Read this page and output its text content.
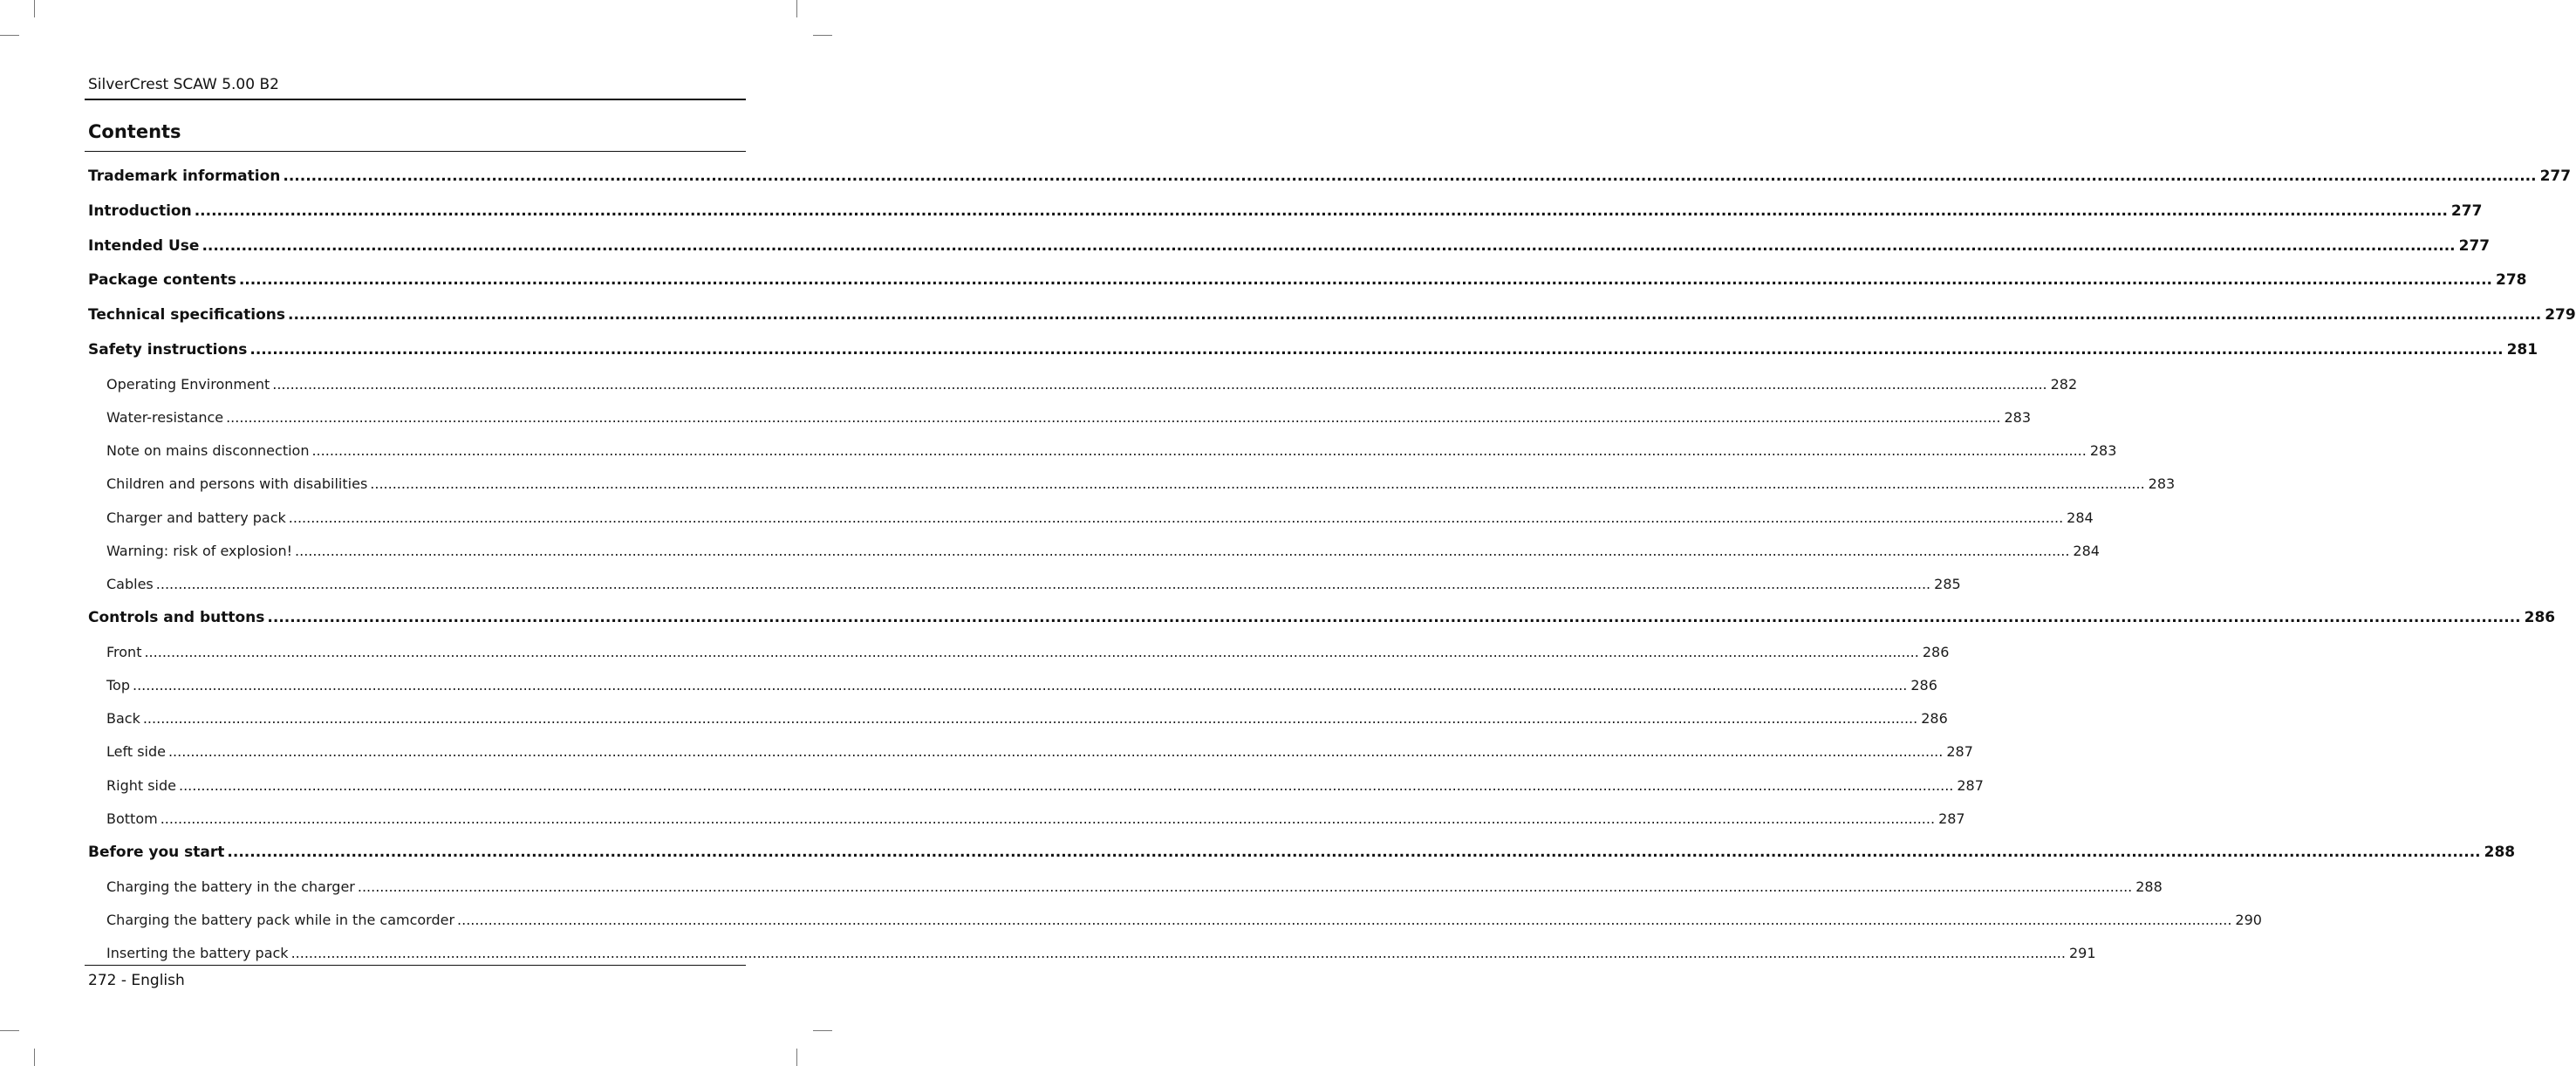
SilverCrest SCAW 5.00 B2
Contents
Trademark information ................................................................................................................................................................................................................................................................................................................................................................................................................ 277
Introduction ................................................................................................................................................................................................................................................................................................................................................................................................................ 277
Intended Use ................................................................................................................................................................................................................................................................................................................................................................................................................ 277
Package contents ................................................................................................................................................................................................................................................................................................................................................................................................................ 278
Technical specifications ................................................................................................................................................................................................................................................................................................................................................................................................................ 279
Safety instructions ................................................................................................................................................................................................................................................................................................................................................................................................................ 281
Operating Environment ................................................................................................................................................................................................................................................................................................................................................................................................................ 282
Water-resistance ................................................................................................................................................................................................................................................................................................................................................................................................................ 283
Note on mains disconnection ................................................................................................................................................................................................................................................................................................................................................................................................................ 283
Children and persons with disabilities ................................................................................................................................................................................................................................................................................................................................................................................................................ 283
Charger and battery pack ................................................................................................................................................................................................................................................................................................................................................................................................................ 284
Warning: risk of explosion! ................................................................................................................................................................................................................................................................................................................................................................................................................ 284
Cables ................................................................................................................................................................................................................................................................................................................................................................................................................ 285
Controls and buttons ................................................................................................................................................................................................................................................................................................................................................................................................................ 286
Front ................................................................................................................................................................................................................................................................................................................................................................................................................ 286
Top ................................................................................................................................................................................................................................................................................................................................................................................................................ 286
Back ................................................................................................................................................................................................................................................................................................................................................................................................................ 286
Left side ................................................................................................................................................................................................................................................................................................................................................................................................................ 287
Right side ................................................................................................................................................................................................................................................................................................................................................................................................................ 287
Bottom ................................................................................................................................................................................................................................................................................................................................................................................................................ 287
Before you start ................................................................................................................................................................................................................................................................................................................................................................................................................ 288
Charging the battery in the charger ................................................................................................................................................................................................................................................................................................................................................................................................................ 288
Charging the battery pack while in the camcorder ................................................................................................................................................................................................................................................................................................................................................................................................................ 290
Inserting the battery pack ................................................................................................................................................................................................................................................................................................................................................................................................................ 291
272 - English
